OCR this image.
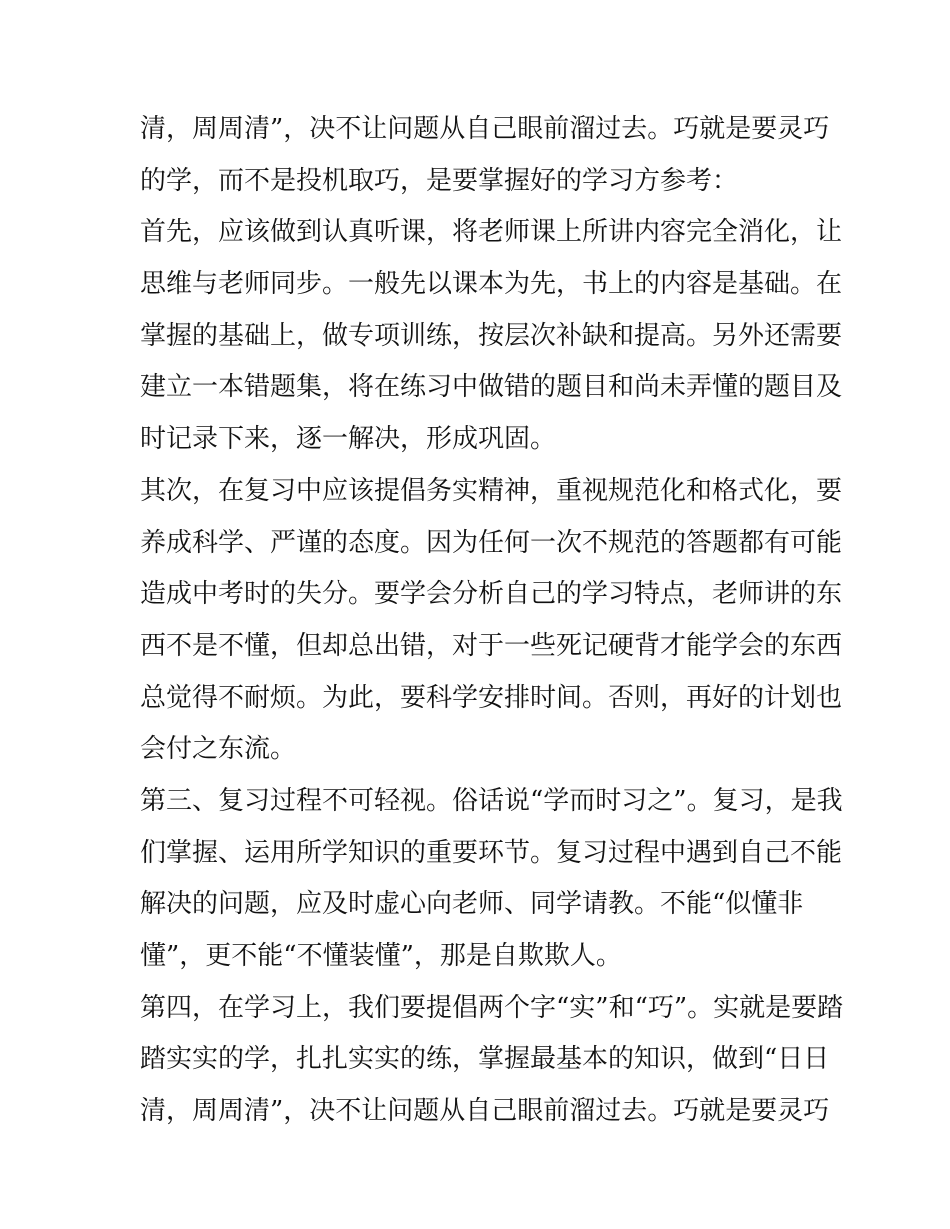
清，周周清”，决不让问题从自己眼前溜过去。巧就是要灵巧
的学，而不是投机取巧，是要掌握好的学习方参考：
首先，应该做到认真听课，将老师课上所讲内容完全消化，让
思维与老师同步。一般先以课本为先，书上的内容是基础。在
掌握的基础上，做专项训练，按层次补缺和提高。另外还需要
建立一本错题集，将在练习中做错的题目和尚未弄懂的题目及
时记录下来，逐一解决，形成巩固。
其次，在复习中应该提倡务实精神，重视规范化和格式化，要
养成科学、严谨的态度。因为任何一次不规范的答题都有可能
造成中考时的失分。要学会分析自己的学习特点，老师讲的东
西不是不懂，但却总出错，对于一些死记硬背才能学会的东西
总觉得不耐烦。为此，要科学安排时间。否则，再好的计划也
会付之东流。
第三、复习过程不可轻视。俗话说“学而时习之”。复习，是我
们掌握、运用所学知识的重要环节。复习过程中遇到自己不能
解决的问题，应及时虚心向老师、同学请教。不能“似懂非
懂”，更不能“不懂装懂”，那是自欺欺人。
第四，在学习上，我们要提倡两个字“实”和“巧”。实就是要踏
踏实实的学，扎扎实实的练，掌握最基本的知识，做到“日日
清，周周清”，决不让问题从自己眼前溜过去。巧就是要灵巧
